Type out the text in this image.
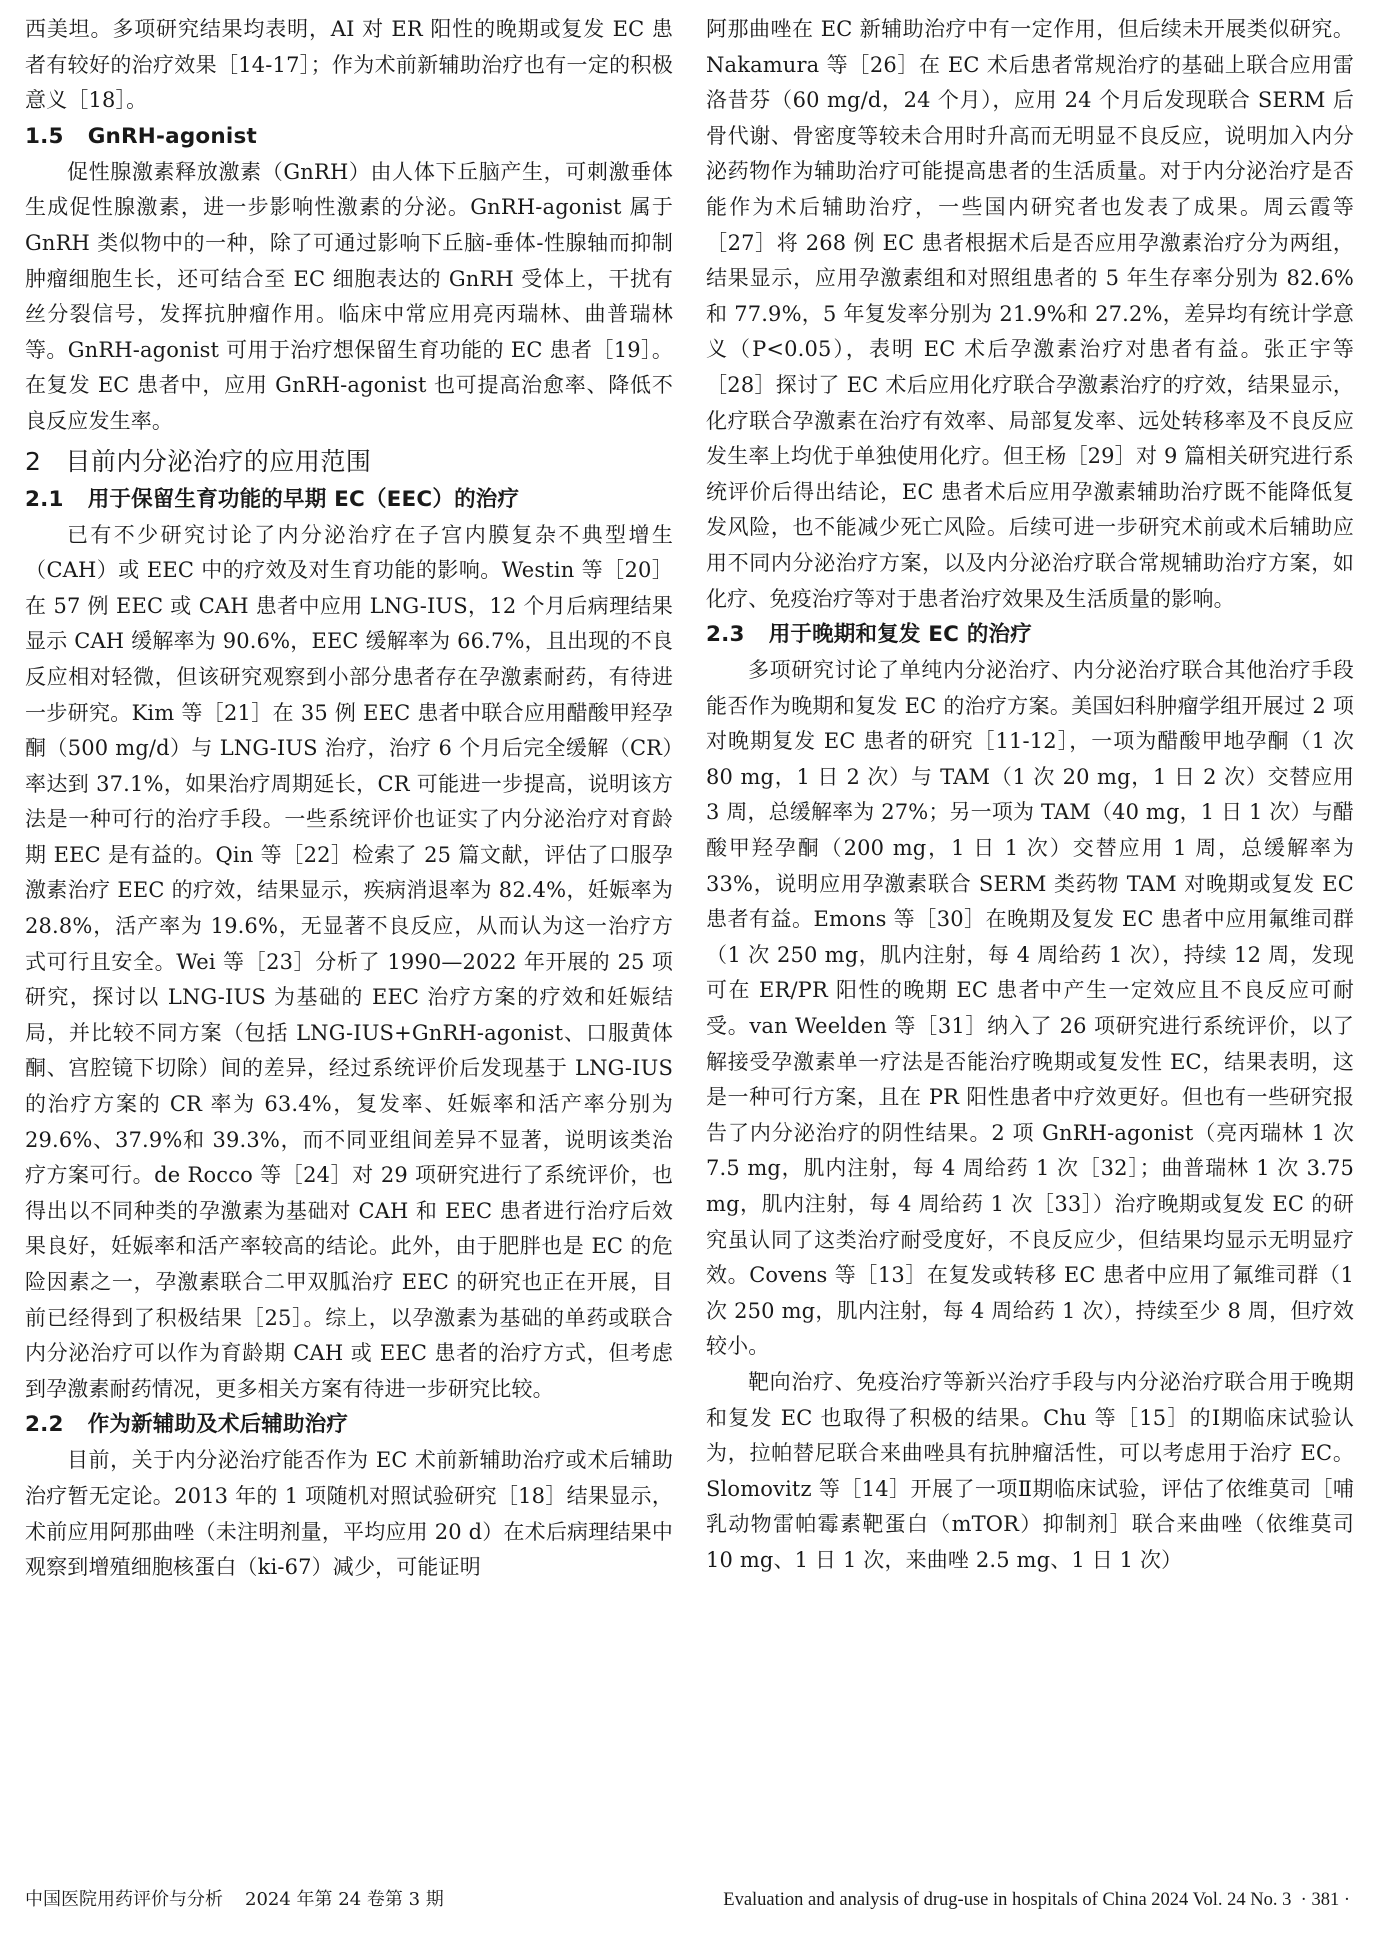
西美坦。多项研究结果均表明，AI 对 ER 阳性的晚期或复发 EC 患者有较好的治疗效果［14-17］；作为术前新辅助治疗也有一定的积极意义［18］。

1.5 GnRH-agonist

促性腺激素释放激素（GnRH）由人体下丘脑产生，可刺激垂体生成促性腺激素，进一步影响性激素的分泌。GnRH-agonist 属于 GnRH 类似物中的一种，除了可通过影响下丘脑-垂体-性腺轴而抑制肿瘤细胞生长，还可结合至 EC 细胞表达的 GnRH 受体上，干扰有丝分裂信号，发挥抗肿瘤作用。临床中常应用亮丙瑞林、曲普瑞林等。GnRH-agonist 可用于治疗想保留生育功能的 EC 患者［19］。在复发 EC 患者中，应用 GnRH-agonist 也可提高治愈率、降低不良反应发生率。

2 目前内分泌治疗的应用范围
2.1 用于保留生育功能的早期 EC（EEC）的治疗

已有不少研究讨论了内分泌治疗在子宫内膜复杂不典型增生（CAH）或 EEC 中的疗效及对生育功能的影响。Westin 等［20］在 57 例 EEC 或 CAH 患者中应用 LNG-IUS，12 个月后病理结果显示 CAH 缓解率为 90.6%，EEC 缓解率为 66.7%，且出现的不良反应相对轻微，但该研究观察到小部分患者存在孕激素耐药，有待进一步研究。Kim 等［21］在 35 例 EEC 患者中联合应用醋酸甲羟孕酮（500 mg/d）与 LNG-IUS 治疗，治疗 6 个月后完全缓解（CR）率达到 37.1%，如果治疗周期延长，CR 可能进一步提高，说明该方法是一种可行的治疗手段。一些系统评价也证实了内分泌治疗对育龄期 EEC 是有益的。Qin 等［22］检索了 25 篇文献，评估了口服孕激素治疗 EEC 的疗效，结果显示，疾病消退率为 82.4%，妊娠率为 28.8%，活产率为 19.6%，无显著不良反应，从而认为这一治疗方式可行且安全。Wei 等［23］分析了 1990—2022 年开展的 25 项研究，探讨以 LNG-IUS 为基础的 EEC 治疗方案的疗效和妊娠结局，并比较不同方案（包括 LNG-IUS+GnRH-agonist、口服黄体酮、宫腔镜下切除）间的差异，经过系统评价后发现基于 LNG-IUS 的治疗方案的 CR 率为 63.4%，复发率、妊娠率和活产率分别为 29.6%、37.9%和 39.3%，而不同亚组间差异不显著，说明该类治疗方案可行。de Rocco 等［24］对 29 项研究进行了系统评价，也得出以不同种类的孕激素为基础对 CAH 和 EEC 患者进行治疗后效果良好，妊娠率和活产率较高的结论。此外，由于肥胖也是 EC 的危险因素之一，孕激素联合二甲双胍治疗 EEC 的研究也正在开展，目前已经得到了积极结果［25］。综上，以孕激素为基础的单药或联合内分泌治疗可以作为育龄期 CAH 或 EEC 患者的治疗方式，但考虑到孕激素耐药情况，更多相关方案有待进一步研究比较。

2.2 作为新辅助及术后辅助治疗

目前，关于内分泌治疗能否作为 EC 术前新辅助治疗或术后辅助治疗暂无定论。2013 年的 1 项随机对照试验研究［18］结果显示，术前应用阿那曲唑（未注明剂量，平均应用 20 d）在术后病理结果中观察到增殖细胞核蛋白（ki-67）减少，可能证明

阿那曲唑在 EC 新辅助治疗中有一定作用，但后续未开展类似研究。Nakamura 等［26］在 EC 术后患者常规治疗的基础上联合应用雷洛昔芬（60 mg/d，24 个月），应用 24 个月后发现联合 SERM 后骨代谢、骨密度等较未合用时升高而无明显不良反应，说明加入内分泌药物作为辅助治疗可能提高患者的生活质量。对于内分泌治疗是否能作为术后辅助治疗，一些国内研究者也发表了成果。周云霞等［27］将 268 例 EC 患者根据术后是否应用孕激素治疗分为两组，结果显示，应用孕激素组和对照组患者的 5 年生存率分别为 82.6%和 77.9%，5 年复发率分别为 21.9%和 27.2%，差异均有统计学意义（P<0.05），表明 EC 术后孕激素治疗对患者有益。张正宇等［28］探讨了 EC 术后应用化疗联合孕激素治疗的疗效，结果显示，化疗联合孕激素在治疗有效率、局部复发率、远处转移率及不良反应发生率上均优于单独使用化疗。但王杨［29］对 9 篇相关研究进行系统评价后得出结论，EC 患者术后应用孕激素辅助治疗既不能降低复发风险，也不能减少死亡风险。后续可进一步研究术前或术后辅助应用不同内分泌治疗方案，以及内分泌治疗联合常规辅助治疗方案，如化疗、免疫治疗等对于患者治疗效果及生活质量的影响。

2.3 用于晚期和复发 EC 的治疗

多项研究讨论了单纯内分泌治疗、内分泌治疗联合其他治疗手段能否作为晚期和复发 EC 的治疗方案。美国妇科肿瘤学组开展过 2 项对晚期复发 EC 患者的研究［11-12］，一项为醋酸甲地孕酮（1 次 80 mg，1 日 2 次）与 TAM（1 次 20 mg，1 日 2 次）交替应用 3 周，总缓解率为 27%；另一项为 TAM（40 mg，1 日 1 次）与醋酸甲羟孕酮（200 mg，1 日 1 次）交替应用 1 周，总缓解率为 33%，说明应用孕激素联合 SERM 类药物 TAM 对晚期或复发 EC 患者有益。Emons 等［30］在晚期及复发 EC 患者中应用氟维司群（1 次 250 mg，肌内注射，每 4 周给药 1 次），持续 12 周，发现可在 ER/PR 阳性的晚期 EC 患者中产生一定效应且不良反应可耐受。van Weelden 等［31］纳入了 26 项研究进行系统评价，以了解接受孕激素单一疗法是否能治疗晚期或复发性 EC，结果表明，这是一种可行方案，且在 PR 阳性患者中疗效更好。但也有一些研究报告了内分泌治疗的阴性结果。2 项 GnRH-agonist（亮丙瑞林 1 次 7.5 mg，肌内注射，每 4 周给药 1 次［32］；曲普瑞林 1 次 3.75 mg，肌内注射，每 4 周给药 1 次［33］）治疗晚期或复发 EC 的研究虽认同了这类治疗耐受度好，不良反应少，但结果均显示无明显疗效。Covens 等［13］在复发或转移 EC 患者中应用了氟维司群（1 次 250 mg，肌内注射，每 4 周给药 1 次），持续至少 8 周，但疗效较小。

靶向治疗、免疫治疗等新兴治疗手段与内分泌治疗联合用于晚期和复发 EC 也取得了积极的结果。Chu 等［15］的Ⅰ期临床试验认为，拉帕替尼联合来曲唑具有抗肿瘤活性，可以考虑用于治疗 EC。Slomovitz 等［14］开展了一项Ⅱ期临床试验，评估了依维莫司［哺乳动物雷帕霉素靶蛋白（mTOR）抑制剂］联合来曲唑（依维莫司 10 mg、1 日 1 次，来曲唑 2.5 mg、1 日 1 次）

中国医院用药评价与分析 2024 年第 24 卷第 3 期	Evaluation and analysis of drug-use in hospitals of China 2024 Vol. 24 No. 3 · 381 ·
